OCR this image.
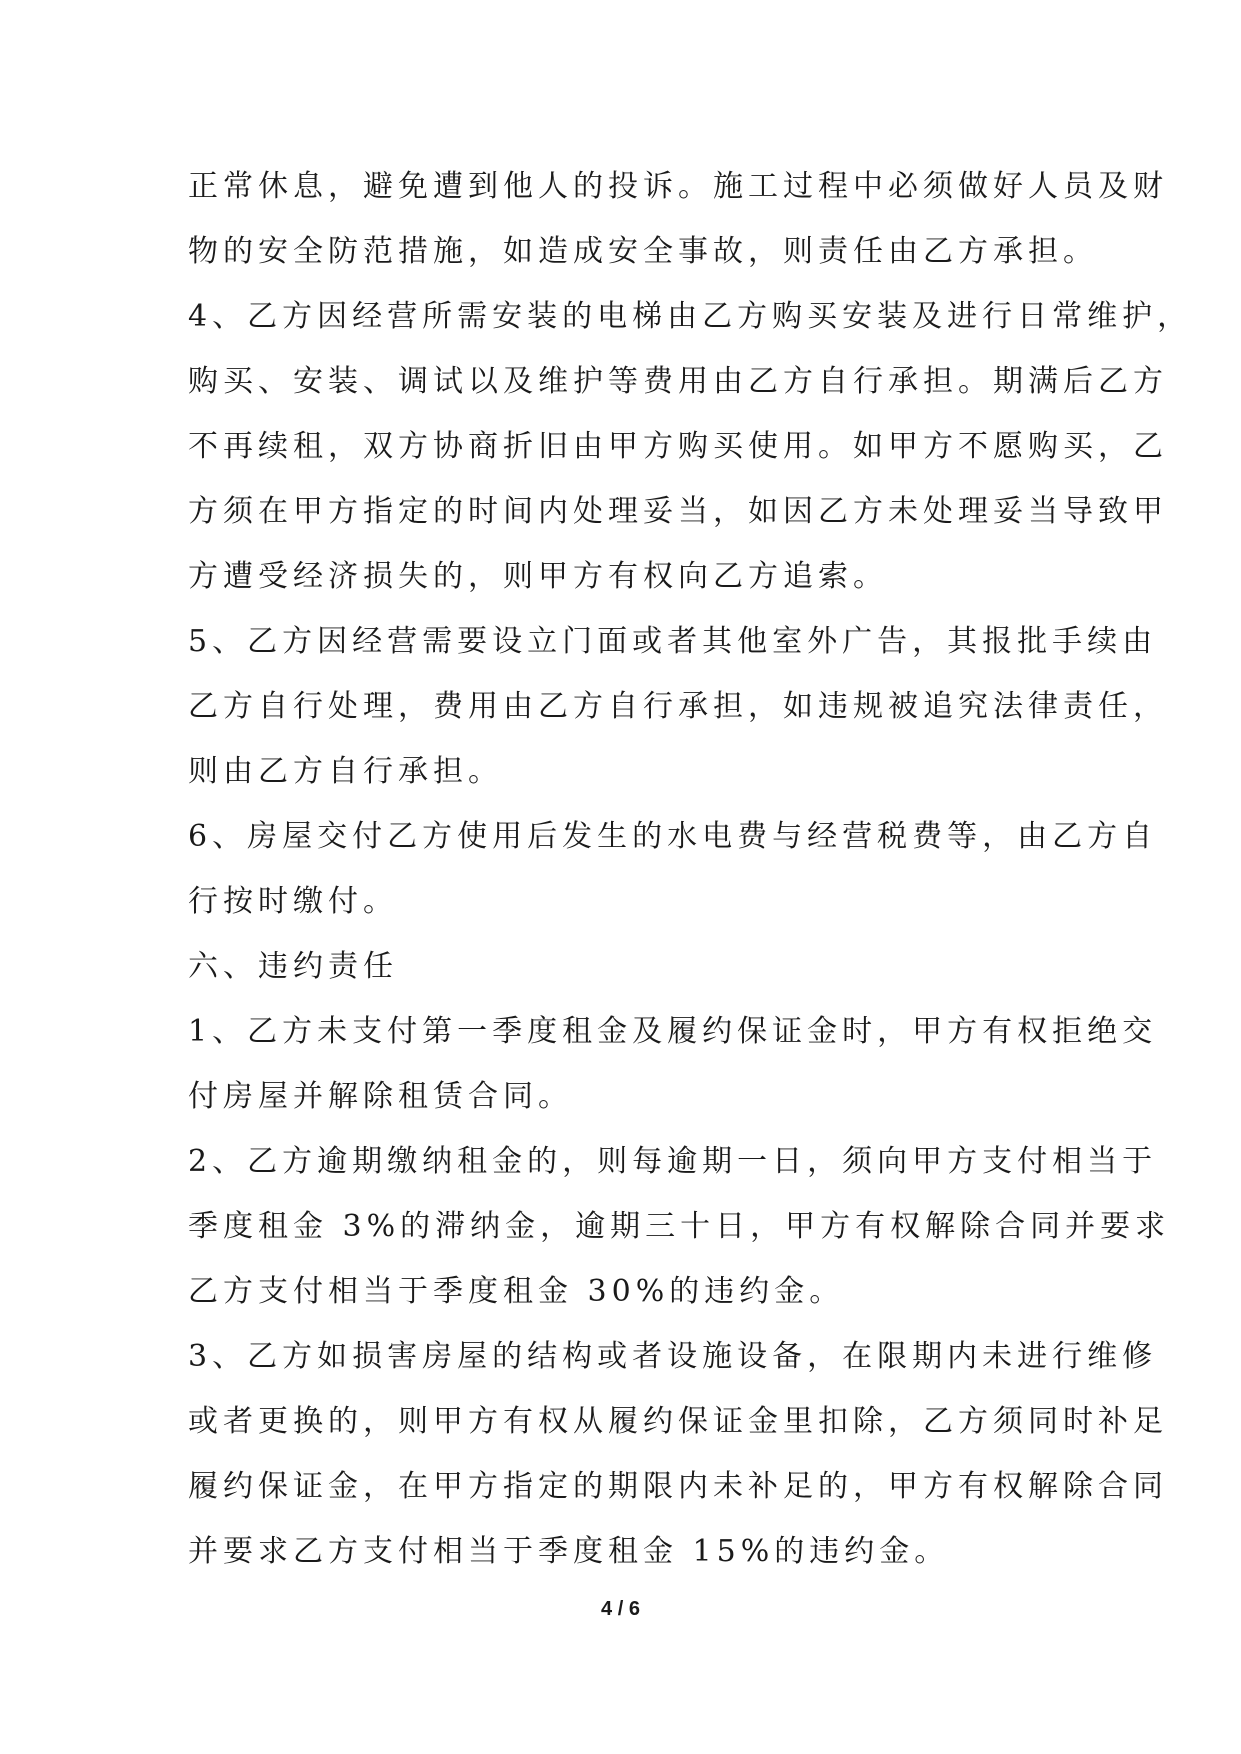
正常休息，避免遭到他人的投诉。施工过程中必须做好人员及财
物的安全防范措施，如造成安全事故，则责任由乙方承担。
4、乙方因经营所需安装的电梯由乙方购买安装及进行日常维护，
购买、安装、调试以及维护等费用由乙方自行承担。期满后乙方
不再续租，双方协商折旧由甲方购买使用。如甲方不愿购买，乙
方须在甲方指定的时间内处理妥当，如因乙方未处理妥当导致甲
方遭受经济损失的，则甲方有权向乙方追索。
5、乙方因经营需要设立门面或者其他室外广告，其报批手续由
乙方自行处理，费用由乙方自行承担，如违规被追究法律责任，
则由乙方自行承担。
6、房屋交付乙方使用后发生的水电费与经营税费等，由乙方自
行按时缴付。
六、违约责任
1、乙方未支付第一季度租金及履约保证金时，甲方有权拒绝交
付房屋并解除租赁合同。
2、乙方逾期缴纳租金的，则每逾期一日，须向甲方支付相当于
季度租金 3%的滞纳金，逾期三十日，甲方有权解除合同并要求
乙方支付相当于季度租金 30%的违约金。
3、乙方如损害房屋的结构或者设施设备，在限期内未进行维修
或者更换的，则甲方有权从履约保证金里扣除，乙方须同时补足
履约保证金，在甲方指定的期限内未补足的，甲方有权解除合同
并要求乙方支付相当于季度租金 15%的违约金。
4 / 6
